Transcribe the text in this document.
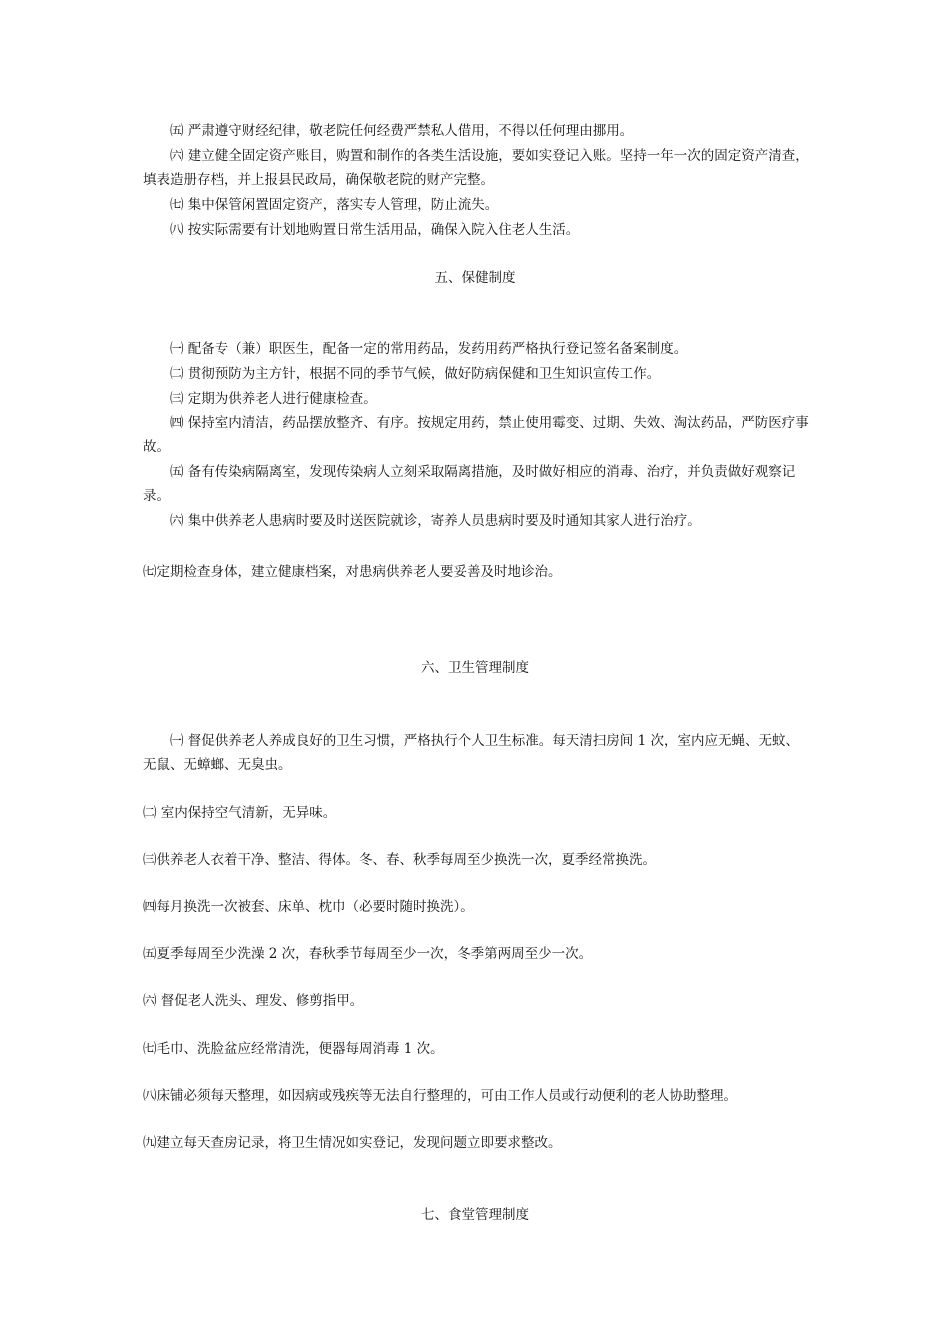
㈤ 严肃遵守财经纪律，敬老院任何经费严禁私人借用，不得以任何理由挪用。

㈥ 建立健全固定资产账目，购置和制作的各类生活设施，要如实登记入账。坚持一年一次的固定资产清查，填表造册存档，并上报县民政局，确保敬老院的财产完整。

㈦ 集中保管闲置固定资产，落实专人管理，防止流失。

㈧ 按实际需要有计划地购置日常生活用品，确保入院入住老人生活。

五、保健制度

㈠ 配备专（兼）职医生，配备一定的常用药品，发药用药严格执行登记签名备案制度。

㈡ 贯彻预防为主方针，根据不同的季节气候，做好防病保健和卫生知识宣传工作。

㈢ 定期为供养老人进行健康检查。

㈣ 保持室内清洁，药品摆放整齐、有序。按规定用药，禁止使用霉变、过期、失效、淘汰药品，严防医疗事故。

㈤ 备有传染病隔离室，发现传染病人立刻采取隔离措施，及时做好相应的消毒、治疗，并负责做好观察记录。

㈥ 集中供养老人患病时要及时送医院就诊，寄养人员患病时要及时通知其家人进行治疗。

㈦定期检查身体，建立健康档案，对患病供养老人要妥善及时地诊治。

六、卫生管理制度

㈠ 督促供养老人养成良好的卫生习惯，严格执行个人卫生标准。每天清扫房间 1 次，室内应无蝇、无蚊、无鼠、无蟑螂、无臭虫。

㈡ 室内保持空气清新，无异味。

㈢供养老人衣着干净、整洁、得体。冬、春、秋季每周至少换洗一次，夏季经常换洗。

㈣每月换洗一次被套、床单、枕巾（必要时随时换洗）。

㈤夏季每周至少洗澡 2 次，春秋季节每周至少一次，冬季第两周至少一次。

㈥ 督促老人洗头、理发、修剪指甲。

㈦毛巾、洗脸盆应经常清洗，便器每周消毒 1 次。

㈧床铺必须每天整理，如因病或残疾等无法自行整理的，可由工作人员或行动便利的老人协助整理。

㈨建立每天查房记录，将卫生情况如实登记，发现问题立即要求整改。

七、食堂管理制度
